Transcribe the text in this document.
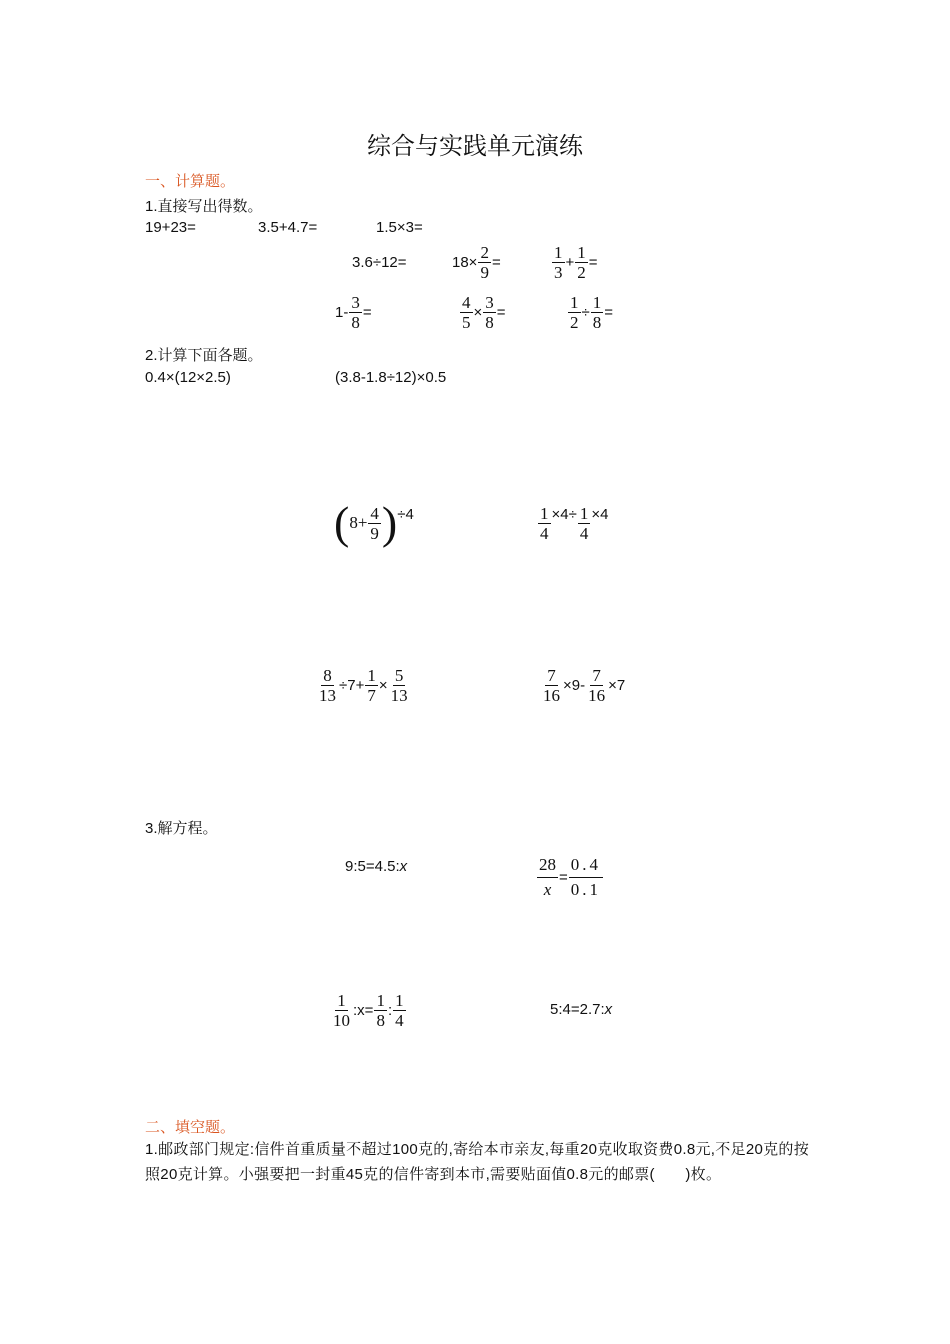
综合与实践单元演练
一、计算题。
1.直接写出得数。
19+23=	3.5+4.7=	1.5×3=
3.6÷12=	$18\times \frac{2}{9}$ =	$\frac{1}{3} + \frac{1}{2}$ =
$1- \frac{3}{8}$ =	$\frac{4}{5} \times \frac{3}{8}$ =	$\frac{1}{2} \div \frac{1}{8}$ =
2.计算下面各题。
0.4×(12×2.5)	(3.8-1.8÷12)×0.5
( $8 + \frac{4}{9}$ ) ÷4	$\frac{1}{4} \times 4\div \frac{1}{4} \times 4$
$\frac{8}{13} \div 7+ \frac{1}{7} \times \frac{5}{13}$	$\frac{7}{16} \times 9- \frac{7}{16} \times 7$
3.解方程。
9:5=4.5:x	$\frac{28}{x} = \frac{0.4}{0.1}$
$\frac{1}{10}$ :x= $\frac{1}{8}$ : $\frac{1}{4}$	5:4=2.7:x
二、填空题。
1.邮政部门规定:信件首重质量不超过100克的,寄给本市亲友,每重20克收取资费0.8元,不足20克的按照20克计算。小强要把一封重45克的信件寄到本市,需要贴面值0.8元的邮票(　　)枚。
